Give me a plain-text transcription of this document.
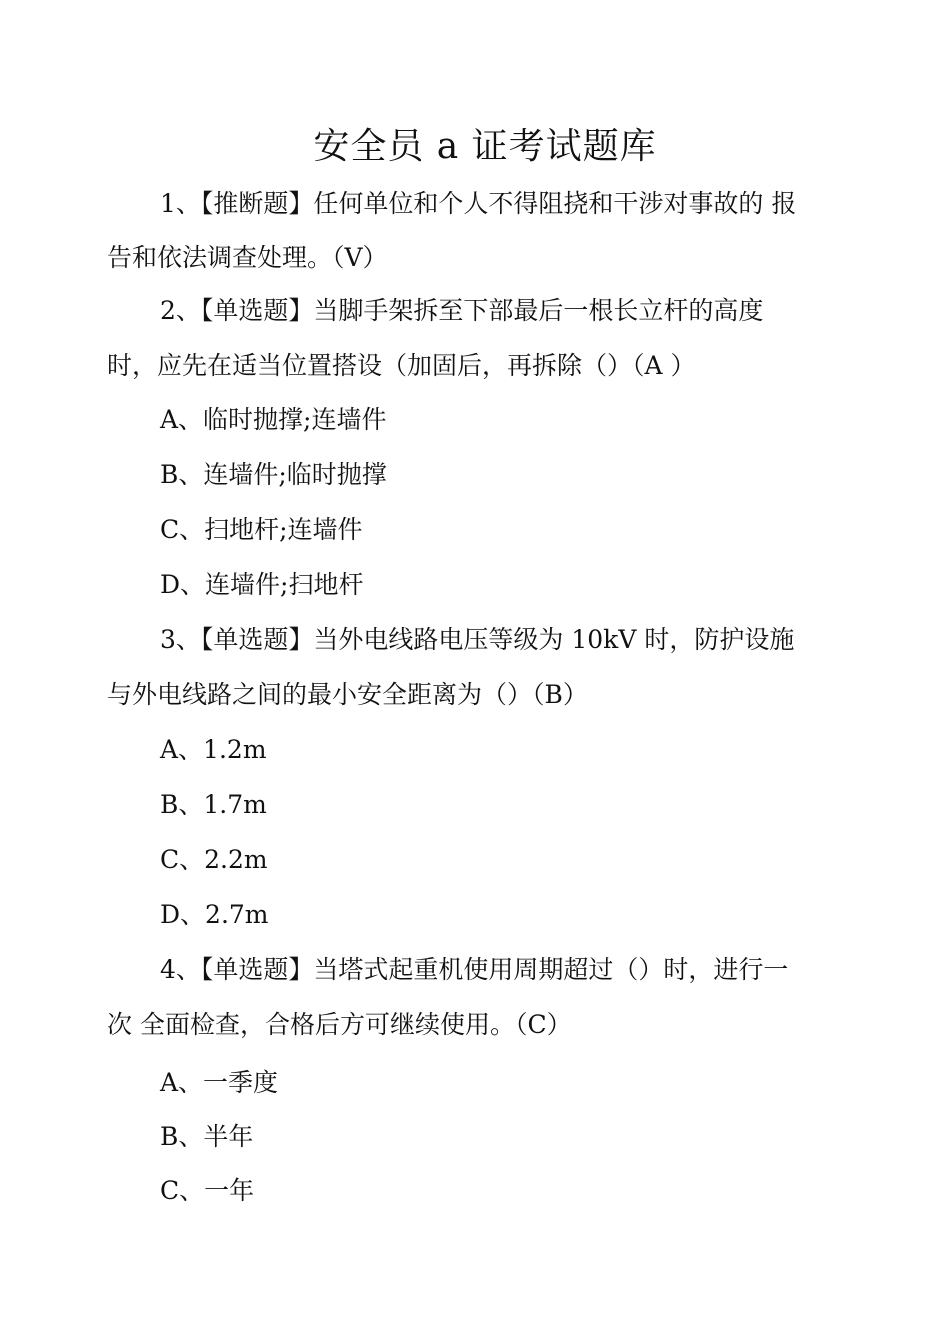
安全员 a 证考试题库
1、【推断题】任何单位和个人不得阻挠和干涉对事故的 报
告和依法调查处理。（V）
2、【单选题】当脚手架拆至下部最后一根长立杆的高度
时，应先在适当位置搭设（加固后，再拆除（）（A ）
A、临时抛撑;连墙件
B、连墙件;临时抛撑
C、扫地杆;连墙件
D、连墙件;扫地杆
3、【单选题】当外电线路电压等级为 10kV 时，防护设施
与外电线路之间的最小安全距离为（）（B）
A、1.2m
B、1.7m
C、2.2m
D、2.7m
4、【单选题】当塔式起重机使用周期超过（）时，进行一
次 全面检查，合格后方可继续使用。（C）
A、一季度
B、半年
C、一年
